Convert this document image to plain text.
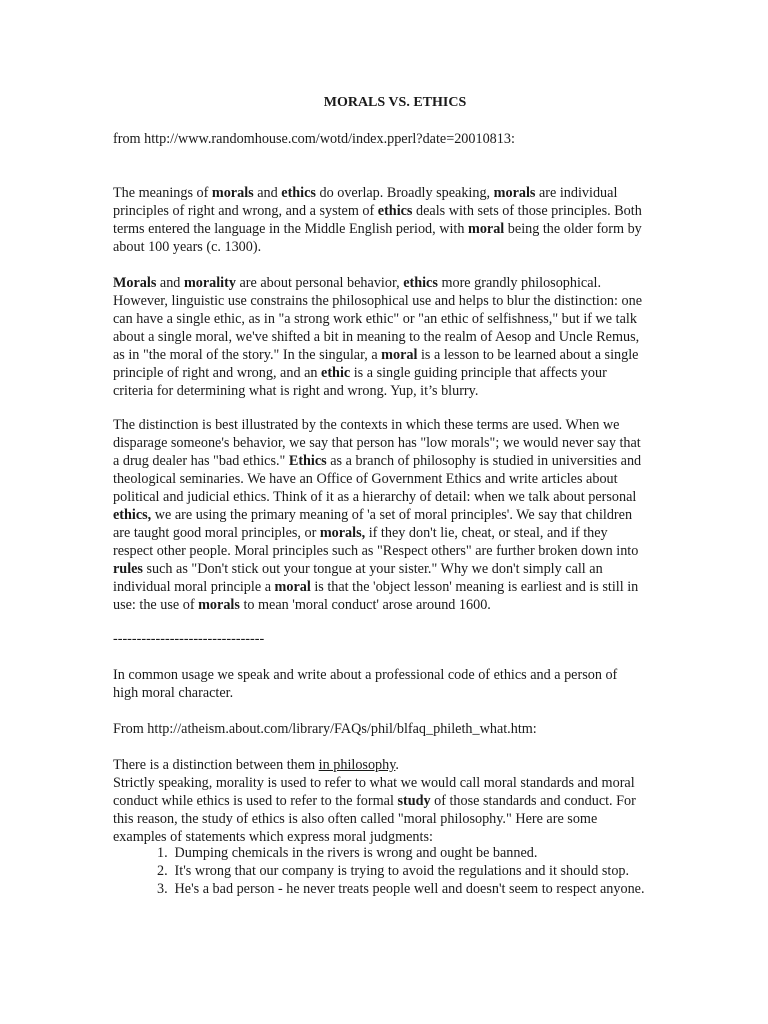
MORALS VS. ETHICS
from http://www.randomhouse.com/wotd/index.pperl?date=20010813:
The meanings of morals and ethics do overlap. Broadly speaking, morals are individual
principles of right and wrong, and a system of ethics deals with sets of those principles. Both
terms entered the language in the Middle English period, with moral being the older form by
about 100 years (c. 1300).
Morals and morality are about personal behavior, ethics more grandly philosophical.
However, linguistic use constrains the philosophical use and helps to blur the distinction: one
can have a single ethic, as in "a strong work ethic" or "an ethic of selfishness," but if we talk
about a single moral, we've shifted a bit in meaning to the realm of Aesop and Uncle Remus,
as in "the moral of the story." In the singular, a moral is a lesson to be learned about a single
principle of right and wrong, and an ethic is a single guiding principle that affects your
criteria for determining what is right and wrong. Yup, it’s blurry.
The distinction is best illustrated by the contexts in which these terms are used. When we
disparage someone's behavior, we say that person has "low morals"; we would never say that
a drug dealer has "bad ethics." Ethics as a branch of philosophy is studied in universities and
theological seminaries. We have an Office of Government Ethics and write articles about
political and judicial ethics. Think of it as a hierarchy of detail: when we talk about personal
ethics, we are using the primary meaning of 'a set of moral principles'. We say that children
are taught good moral principles, or morals, if they don't lie, cheat, or steal, and if they
respect other people. Moral principles such as "Respect others" are further broken down into
rules such as "Don't stick out your tongue at your sister." Why we don't simply call an
individual moral principle a moral is that the 'object lesson' meaning is earliest and is still in
use: the use of morals to mean 'moral conduct' arose around 1600.
--------------------------------
In common usage we speak and write about a professional code of ethics and a person of
high moral character.
From http://atheism.about.com/library/FAQs/phil/blfaq_phileth_what.htm:
There is a distinction between them in philosophy.
Strictly speaking, morality is used to refer to what we would call moral standards and moral
conduct while ethics is used to refer to the formal study of those standards and conduct. For
this reason, the study of ethics is also often called "moral philosophy." Here are some
examples of statements which express moral judgments:
1. Dumping chemicals in the rivers is wrong and ought be banned.
2. It's wrong that our company is trying to avoid the regulations and it should stop.
3. He's a bad person - he never treats people well and doesn't seem to respect anyone.
